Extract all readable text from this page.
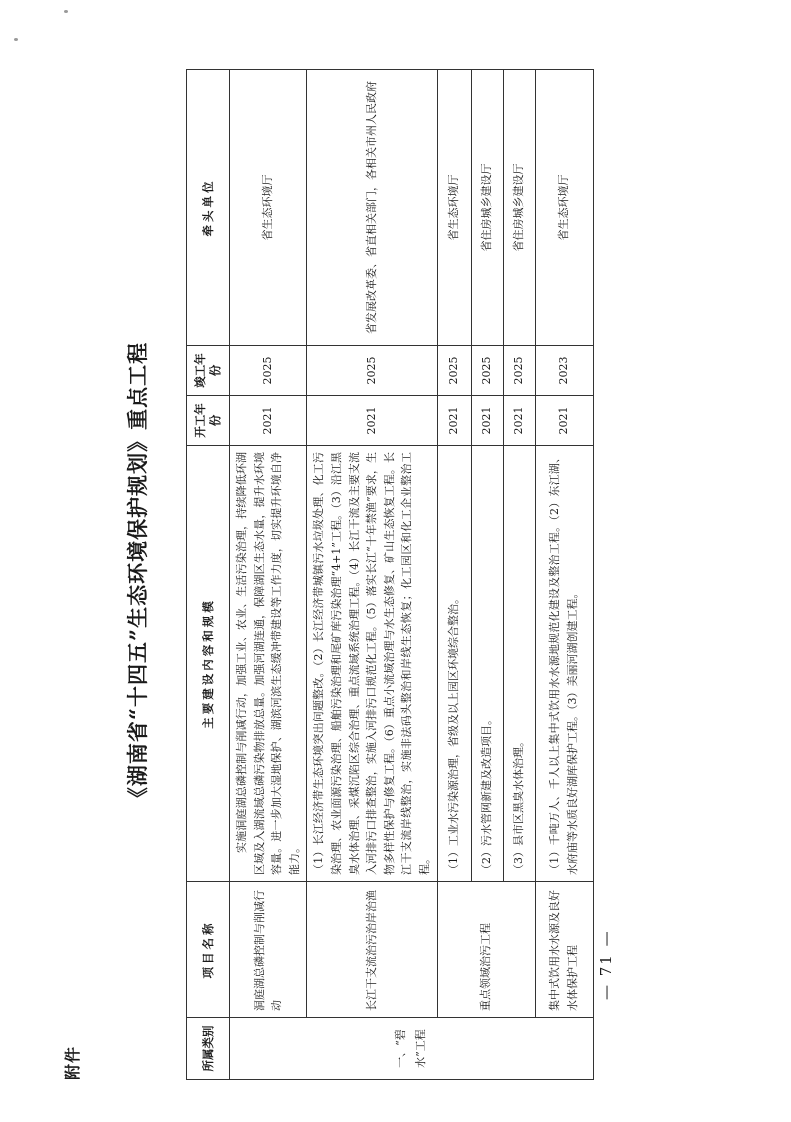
附件
《湖南省“十四五”生态环境保护规划》重点工程
所属类别	项目名称	主要建设内容和规模	开工年份	竣工年份	牵头单位
一、“碧水”工程	洞庭湖总磷控制与削减行动	实施洞庭湖总磷控制与削减行动，加强工业、农业、生活污染治理，持续降低环湖区域及入湖流域总磷污染物排放总量。加强河湖连通，保障湖区生态水量，提升水环境容量。进一步加大湿地保护、湖滨河滨生态缓冲带建设等工作力度，切实提升环境自净能力。	2021	2025	省生态环境厅
	长江干支流治污治岸治渔	（1）长江经济带生态环境突出问题整改。（2）长江经济带城镇污水垃圾处理、化工污染治理、农业面源污染治理、船舶污染治理和尾矿库污染治理“4+1”工程。（3）沿江黑臭水体治理、采煤沉陷区综合治理、重点流域系统治理工程。（4）长江干流及主要支流入河排污口排查整治，实施入河排污口规范化工程。（5）落实长江“十年禁渔”要求，生物多样性保护与修复工程。（6）重点小流域治理与水生态修复、矿山生态恢复工程。长江干支流岸线整治，实施非法码头整治和岸线生态恢复；化工园区和化工企业整治工程。	2021	2025	省发展改革委、省直相关部门，各相关市州人民政府
	重点领域治污工程	（1）工业水污染源治理，省级及以上园区环境综合整治。	2021	2025	省生态环境厅
		（2）污水管网新建及改造项目。	2021	2025	省住房城乡建设厅
		（3）县市区黑臭水体治理。	2021	2025	省住房城乡建设厅
	集中式饮用水水源及良好水体保护工程	（1）千吨万人、千人以上集中式饮用水水源地规范化建设及整治工程。（2）东江湖、水府庙等水质良好湖库保护工程。（3）美丽河湖创建工程。	2021	2023	省生态环境厅
— 71 —
